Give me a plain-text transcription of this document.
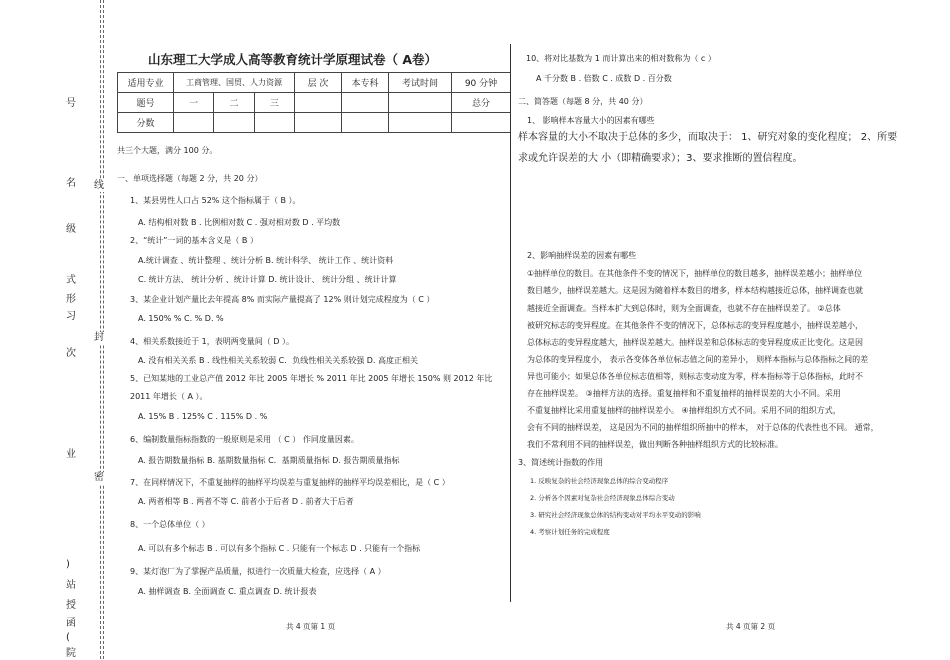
号
名
级
式
形
习
次
业
)
站
授
函
(
院
线
封
密
山东理工大学成人高等教育统计学原理试卷（ A卷）
适用专业	工商管理、国贸、人力资源			层 次	本专科	考试时间	90 分钟
题号	一	二	三				总分
分数							
共三个大题，满分 100 分。
一、单项选择题（每题 2 分，共 20 分）
1、某县男性人口占 52% 这个指标属于（ B ）。
A. 结构相对数 B . 比例相对数 C . 强对相对数 D . 平均数
2、“统计”一词的基本含义是（ B ）
A.统计调查 、统计整理 、统计分析 B. 统计科学、 统计工作 、统计资料
C. 统计方法、 统计分析 、统计计算 D. 统计设计、 统计分组 、统计计算
3、某企业计划产量比去年提高 8% 而实际产量提高了 12% 则计划完成程度为（ C ）
A. 150% % C. % D. %
4、相关系数接近于 1，表明两变量间（ D ）。
A. 没有相关关系 B . 线性相关关系较弱 C．负线性相关关系较强 D. 高度正相关
5、已知某地的工业总产值 2012 年比 2005 年增长 % 2011 年比 2005 年增长 150% 则 2012 年比
2011 年增长（ A ）。
A. 15% B . 125% C . 115% D . %
6、编制数量指标指数的一般原则是采用 （ C ） 作同度量因素。
A. 报告期数量指标 B. 基期数量指标 C．基期质量指标 D. 报告期质量指标
7、在同样情况下，不重复抽样的抽样平均误差与重复抽样的抽样平均误差相比，是（ C ）
A. 两者相等 B . 两者不等 C. 前者小于后者 D . 前者大于后者
8、一个总体单位（ ）
A. 可以有多个标志 B . 可以有多个指标 C . 只能有一个标志 D . 只能有一个指标
9、某灯泡厂为了掌握产品质量，拟进行一次质量大检查，应选择（ A ）
A. 抽样调查 B. 全面调查 C. 重点调查 D. 统计报表
共 4 页第 1 页
10、将对比基数为 1 而计算出来的相对数称为（ c ）
A 千分数 B . 倍数 C . 成数 D . 百分数
二、简答题（每题 8 分，共 40 分）
1、 影响样本容量大小的因素有哪些
样本容量的大小不取决于总体的多少，而取决于： 1、研究对象的变化程度； 2、所要
求或允许误差的大 小（即精确要求）；3、要求推断的置信程度。
2、影响抽样误差的因素有哪些
①抽样单位的数目。在其他条件不变的情况下，抽样单位的数目越多，抽样误差越小；抽样单位
数目越少，抽样误差越大。这是因为随着样本数目的增多，样本结构越接近总体，抽样调查也就
越接近全面调查。当样本扩大到总体时，则为全面调查，也就不存在抽样误差了。 ②总体
被研究标志的变异程度。在其他条件不变的情况下，总体标志的变异程度越小，抽样误差越小，
总体标志的变异程度越大，抽样误差越大。抽样误差和总体标志的变异程度成正比变化。这是因
为总体的变异程度小， 表示各变体各单位标志值之间的差异小， 则样本指标与总体指标之间的差
异也可能小；如果总体各单位标志值相等，则标志变动度为零，样本指标等于总体指标，此时不
存在抽样误差。 ③抽样方法的选择。重复抽样和不重复抽样的抽样误差的大小不同。采用
不重复抽样比采用重复抽样的抽样误差小。 ④抽样组织方式不同。采用不同的组织方式，
会有不同的抽样误差， 这是因为不同的抽样组织所抽中的样本， 对于总体的代表性也不同。 通常，
我们不常利用不同的抽样误差，做出判断各种抽样组织方式的比较标准。
3、简述统计指数的作用
1. 反映复杂的社会经济现象总体的综合变动程序
2. 分析各个因素对复杂社会经济现象总体综合变动
3. 研究社会经济现象总体的结构变动对平均水平变动的影响
4. 考察计划任务的完成程度
共 4 页第 2 页
